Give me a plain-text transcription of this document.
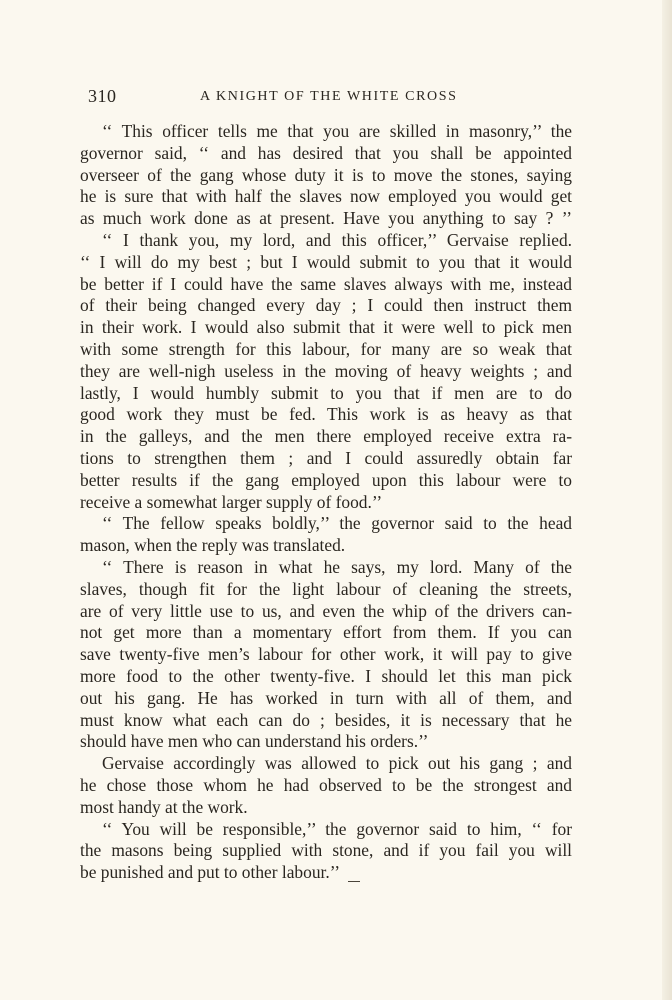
310	A KNIGHT OF THE WHITE CROSS
‘‘ This officer tells me that you are skilled in masonry,’’ the
governor said, ‘‘ and has desired that you shall be appointed
overseer of the gang whose duty it is to move the stones, saying
he is sure that with half the slaves now employed you would get
as much work done as at present. Have you anything to say ? ’’
‘‘ I thank you, my lord, and this officer,’’ Gervaise replied.
‘‘ I will do my best ; but I would submit to you that it would
be better if I could have the same slaves always with me, instead
of their being changed every day ; I could then instruct them
in their work. I would also submit that it were well to pick men
with some strength for this labour, for many are so weak that
they are well-nigh useless in the moving of heavy weights ; and
lastly, I would humbly submit to you that if men are to do
good work they must be fed. This work is as heavy as that
in the galleys, and the men there employed receive extra ra-
tions to strengthen them ; and I could assuredly obtain far
better results if the gang employed upon this labour were to
receive a somewhat larger supply of food.’’
‘‘ The fellow speaks boldly,’’ the governor said to the head
mason, when the reply was translated.
‘‘ There is reason in what he says, my lord. Many of the
slaves, though fit for the light labour of cleaning the streets,
are of very little use to us, and even the whip of the drivers can-
not get more than a momentary effort from them. If you can
save twenty-five men’s labour for other work, it will pay to give
more food to the other twenty-five. I should let this man pick
out his gang. He has worked in turn with all of them, and
must know what each can do ; besides, it is necessary that he
should have men who can understand his orders.’’
Gervaise accordingly was allowed to pick out his gang ; and
he chose those whom he had observed to be the strongest and
most handy at the work.
‘‘ You will be responsible,’’ the governor said to him, ‘‘ for
the masons being supplied with stone, and if you fail you will
be punished and put to other labour.’’
